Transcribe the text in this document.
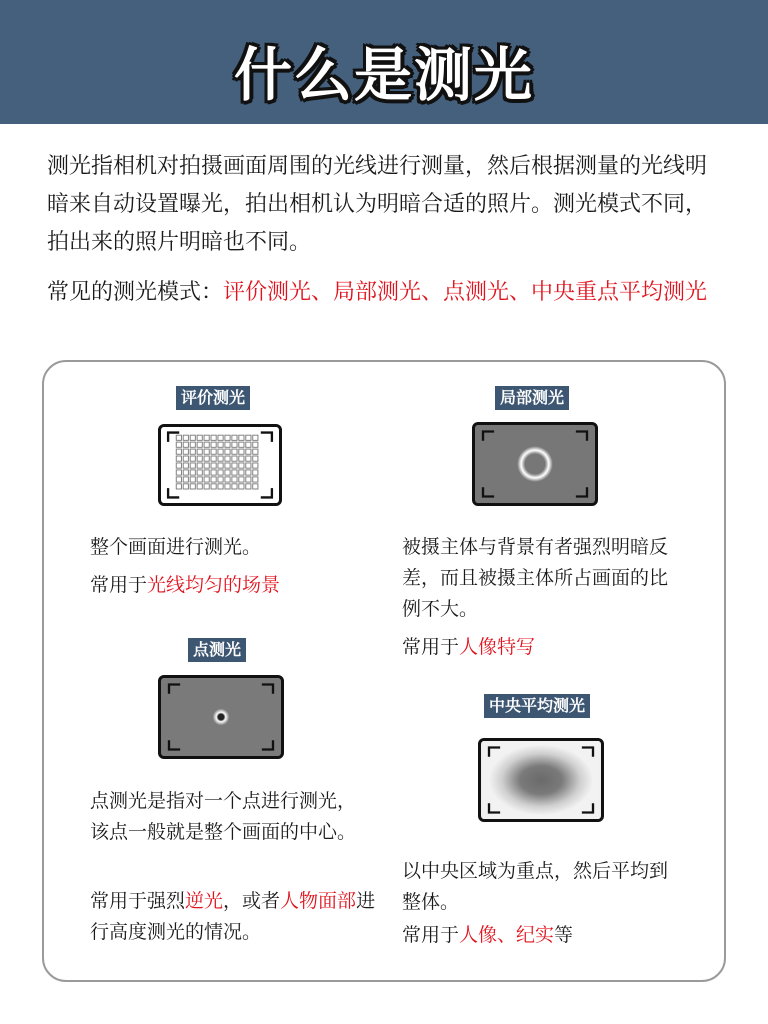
什么是测光
测光指相机对拍摄画面周围的光线进行测量，然后根据测量的光线明暗来自动设置曝光，拍出相机认为明暗合适的照片。测光模式不同，拍出来的照片明暗也不同。
常见的测光模式：评价测光、局部测光、点测光、中央重点平均测光
评价测光
整个画面进行测光。
常用于光线均匀的场景
局部测光
被摄主体与背景有者强烈明暗反差，而且被摄主体所占画面的比例不大。
常用于人像特写
点测光
点测光是指对一个点进行测光，该点一般就是整个画面的中心。
常用于强烈逆光，或者人物面部进行高度测光的情况。
中央平均测光
以中央区域为重点，然后平均到整体。
常用于人像、纪实等
